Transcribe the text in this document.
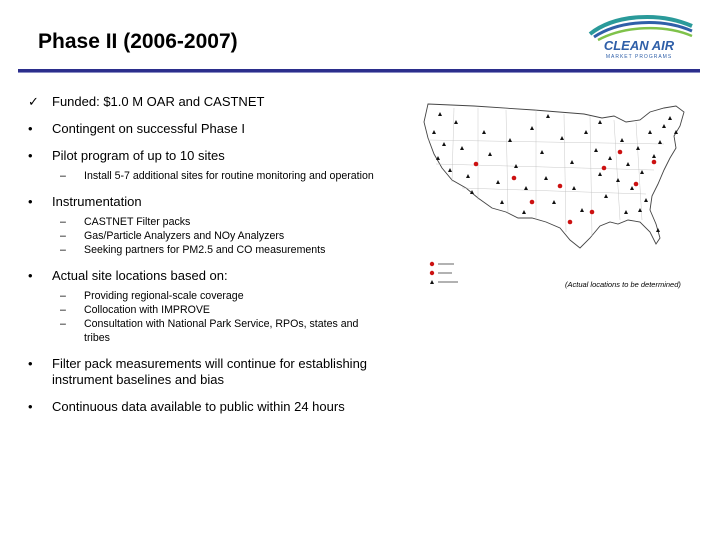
Phase II (2006-2007)	CLEAN AIR
MARKET PROGRAMS
✓ Funded: $1.0 M OAR and CASTNET
• Contingent on successful Phase I
• Pilot program of up to 10 sites
– Install 5-7 additional sites for routine monitoring and operation
• Instrumentation
– CASTNET Filter packs
– Gas/Particle Analyzers and NOy Analyzers
– Seeking partners for PM2.5 and CO measurements
• Actual site locations based on:
– Providing regional-scale coverage
– Collocation with IMPROVE
– Consultation with National Park Service, RPOs, states and tribes
• Filter pack measurements will continue for establishing instrument baselines and bias
• Continuous data available to public within 24 hours
(Actual locations to be determined)
